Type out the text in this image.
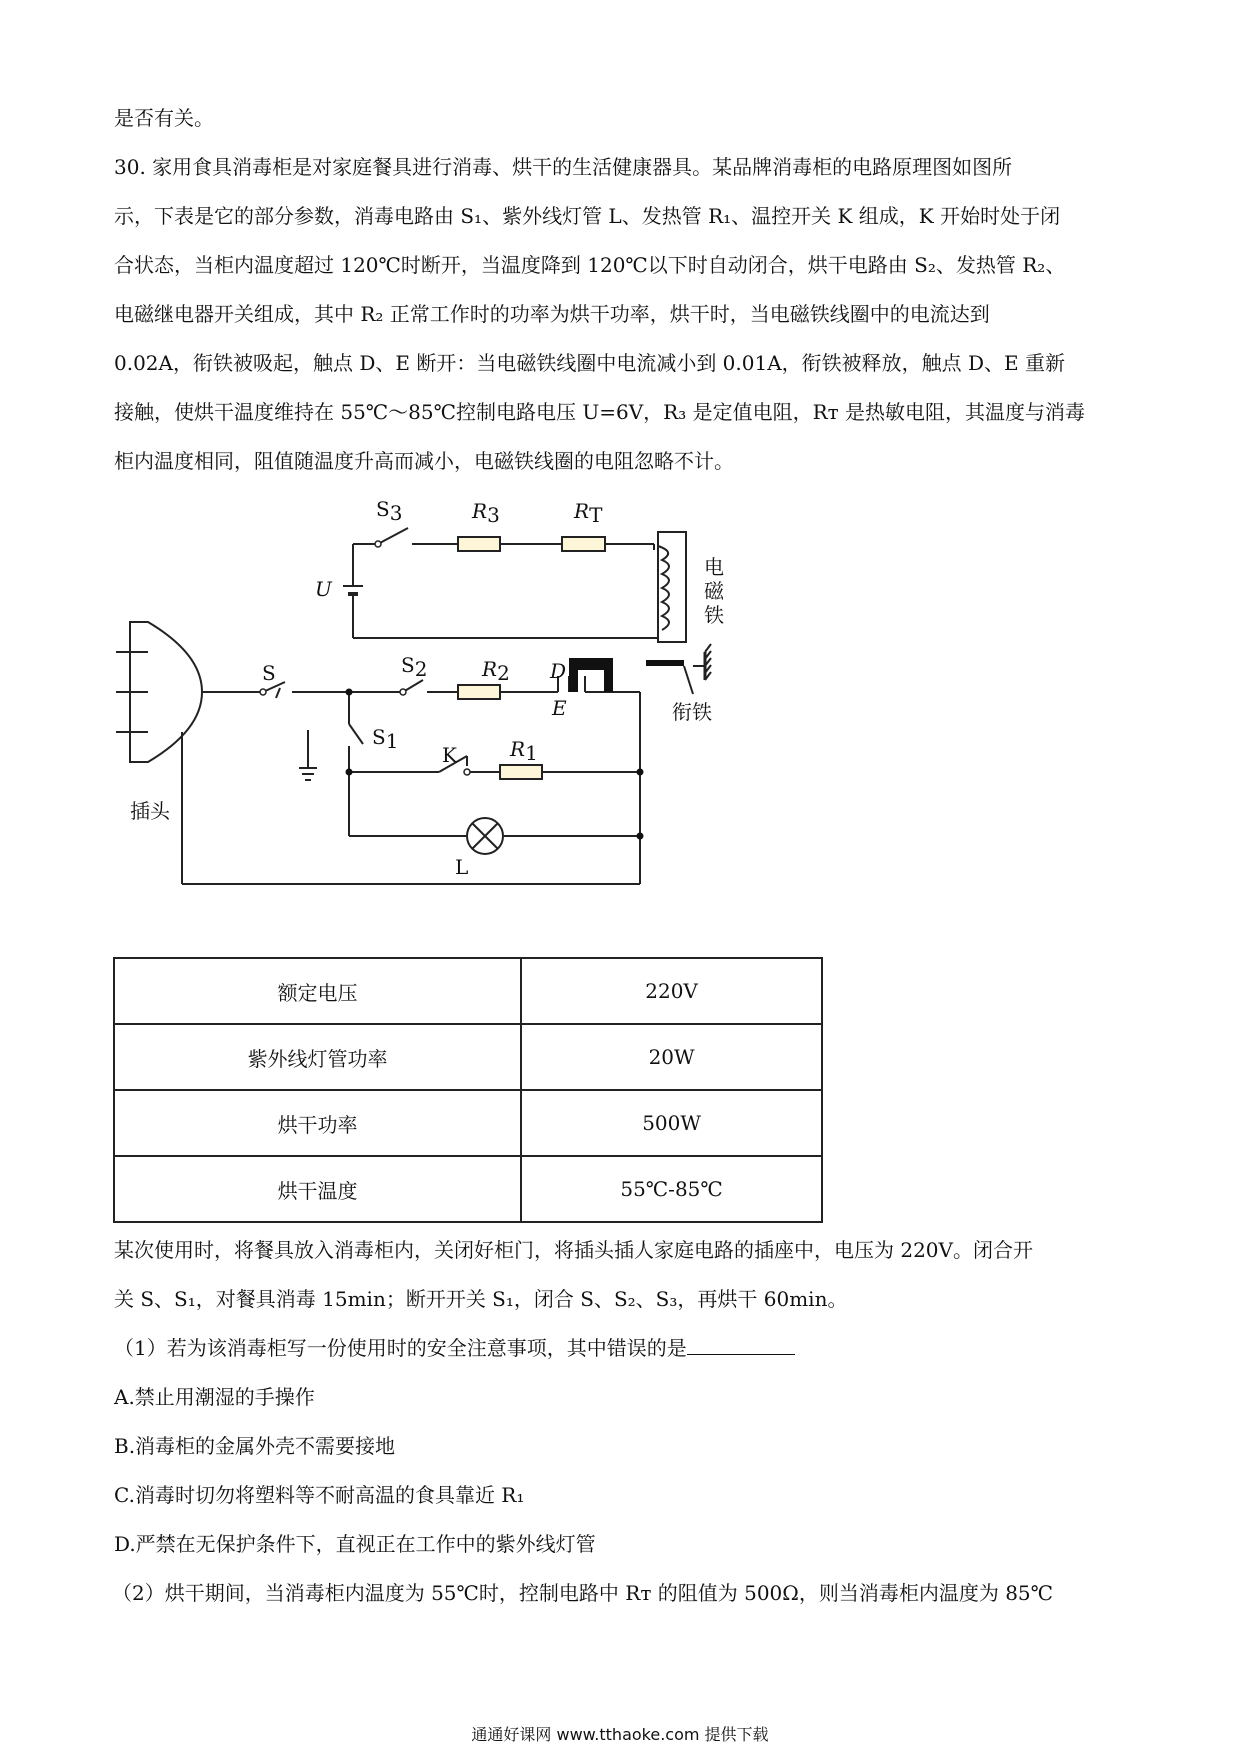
是否有关。
30. 家用食具消毒柜是对家庭餐具进行消毒、烘干的生活健康器具。某品牌消毒柜的电路原理图如图所
示，下表是它的部分参数，消毒电路由 S₁、紫外线灯管 L、发热管 R₁、温控开关 K 组成，K 开始时处于闭
合状态，当柜内温度超过 120℃时断开，当温度降到 120℃以下时自动闭合，烘干电路由 S₂、发热管 R₂、
电磁继电器开关组成，其中 R₂ 正常工作时的功率为烘干功率，烘干时，当电磁铁线圈中的电流达到
0.02A，衔铁被吸起，触点 D、E 断开：当电磁铁线圈中电流减小到 0.01A，衔铁被释放，触点 D、E 重新
接触，使烘干温度维持在 55℃～85℃控制电路电压 U=6V，R₃ 是定值电阻，Rᴛ 是热敏电阻，其温度与消毒
柜内温度相同，阻值随温度升高而减小，电磁铁线圈的电阻忽略不计。
S3	R3	RT
U
电
磁
铁
S	S2	R2 D
E	衔铁
S1
K	R1
插头
L
额定电压	220V
紫外线灯管功率	20W
烘干功率	500W
烘干温度	55℃-85℃
某次使用时，将餐具放入消毒柜内，关闭好柜门，将插头插人家庭电路的插座中，电压为 220V。闭合开
关 S、S₁，对餐具消毒 15min；断开开关 S₁，闭合 S、S₂、S₃，再烘干 60min。
（1）若为该消毒柜写一份使用时的安全注意事项，其中错误的是
A.禁止用潮湿的手操作
B.消毒柜的金属外壳不需要接地
C.消毒时切勿将塑料等不耐高温的食具靠近 R₁
D.严禁在无保护条件下，直视正在工作中的紫外线灯管
（2）烘干期间，当消毒柜内温度为 55℃时，控制电路中 Rᴛ 的阻值为 500Ω，则当消毒柜内温度为 85℃
通通好课网 www.tthaoke.com 提供下载
